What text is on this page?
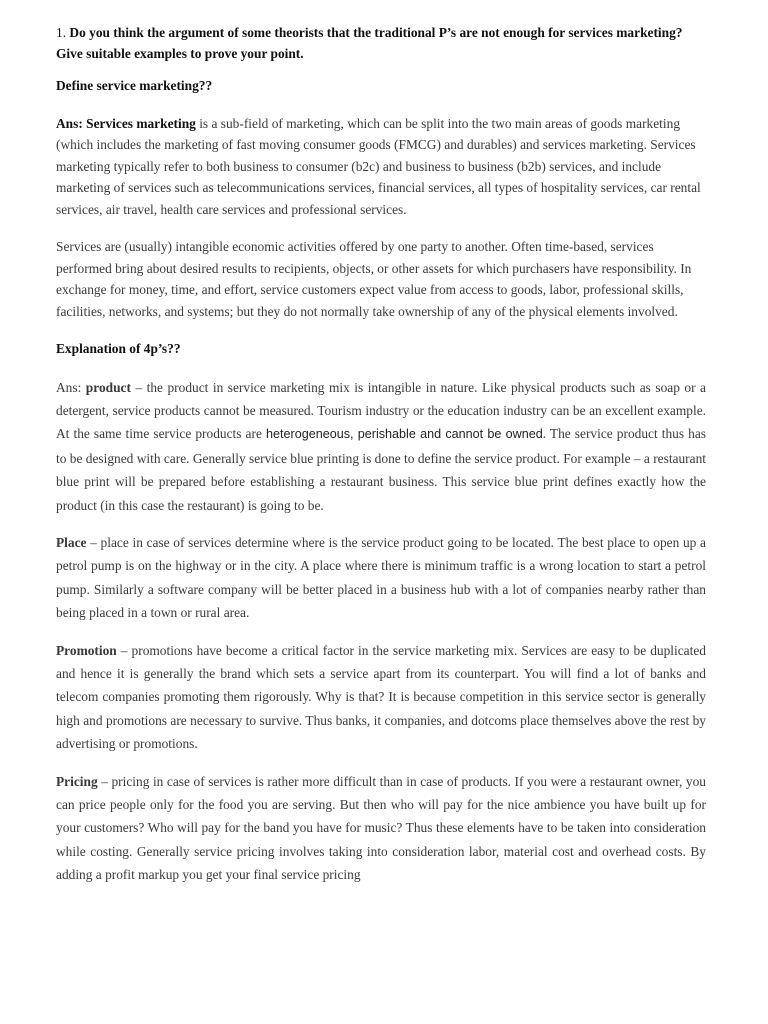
1. Do you think the argument of some theorists that the traditional P’s are not enough for services marketing? Give suitable examples to prove your point.

Define service marketing??

Ans: Services marketing is a sub-field of marketing, which can be split into the two main areas of goods marketing (which includes the marketing of fast moving consumer goods (FMCG) and durables) and services marketing. Services marketing typically refer to both business to consumer (b2c) and business to business (b2b) services, and include marketing of services such as telecommunications services, financial services, all types of hospitality services, car rental services, air travel, health care services and professional services.

Services are (usually) intangible economic activities offered by one party to another. Often time-based, services performed bring about desired results to recipients, objects, or other assets for which purchasers have responsibility. In exchange for money, time, and effort, service customers expect value from access to goods, labor, professional skills, facilities, networks, and systems; but they do not normally take ownership of any of the physical elements involved.

Explanation of 4p’s??

Ans: product – the product in service marketing mix is intangible in nature. Like physical products such as soap or a detergent, service products cannot be measured. Tourism industry or the education industry can be an excellent example. At the same time service products are heterogeneous, perishable and cannot be owned. The service product thus has to be designed with care. Generally service blue printing is done to define the service product. For example – a restaurant blue print will be prepared before establishing a restaurant business. This service blue print defines exactly how the product (in this case the restaurant) is going to be.

Place – place in case of services determine where is the service product going to be located. The best place to open up a petrol pump is on the highway or in the city. A place where there is minimum traffic is a wrong location to start a petrol pump. Similarly a software company will be better placed in a business hub with a lot of companies nearby rather than being placed in a town or rural area.

Promotion – promotions have become a critical factor in the service marketing mix. Services are easy to be duplicated and hence it is generally the brand which sets a service apart from its counterpart. You will find a lot of banks and telecom companies promoting them rigorously. Why is that? It is because competition in this service sector is generally high and promotions are necessary to survive. Thus banks, it companies, and dotcoms place themselves above the rest by advertising or promotions.

Pricing – pricing in case of services is rather more difficult than in case of products. If you were a restaurant owner, you can price people only for the food you are serving. But then who will pay for the nice ambience you have built up for your customers? Who will pay for the band you have for music? Thus these elements have to be taken into consideration while costing. Generally service pricing involves taking into consideration labor, material cost and overhead costs. By adding a profit markup you get your final service pricing
